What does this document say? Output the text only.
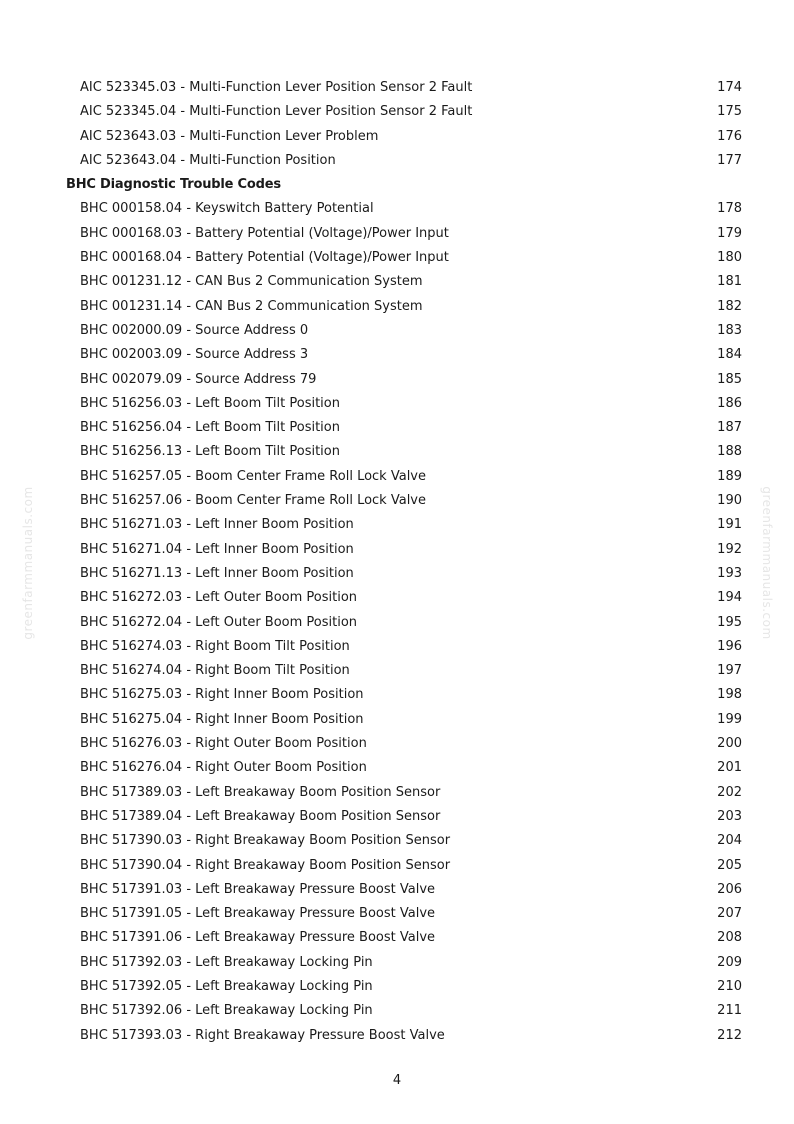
greenfarmmanuals.com	greenfarmmanuals.com
AIC 523345.03 - Multi-Function Lever Position Sensor 2 Fault	174
AIC 523345.04 - Multi-Function Lever Position Sensor 2 Fault	175
AIC 523643.03 - Multi-Function Lever Problem	176
AIC 523643.04 - Multi-Function Position	177
BHC Diagnostic Trouble Codes
BHC 000158.04 - Keyswitch Battery Potential	178
BHC 000168.03 - Battery Potential (Voltage)/Power Input	179
BHC 000168.04 - Battery Potential (Voltage)/Power Input	180
BHC 001231.12 - CAN Bus 2 Communication System	181
BHC 001231.14 - CAN Bus 2 Communication System	182
BHC 002000.09 - Source Address 0	183
BHC 002003.09 - Source Address 3	184
BHC 002079.09 - Source Address 79	185
BHC 516256.03 - Left Boom Tilt Position	186
BHC 516256.04 - Left Boom Tilt Position	187
BHC 516256.13 - Left Boom Tilt Position	188
BHC 516257.05 - Boom Center Frame Roll Lock Valve	189
BHC 516257.06 - Boom Center Frame Roll Lock Valve	190
BHC 516271.03 - Left Inner Boom Position	191
BHC 516271.04 - Left Inner Boom Position	192
BHC 516271.13 - Left Inner Boom Position	193
BHC 516272.03 - Left Outer Boom Position	194
BHC 516272.04 - Left Outer Boom Position	195
BHC 516274.03 - Right Boom Tilt Position	196
BHC 516274.04 - Right Boom Tilt Position	197
BHC 516275.03 - Right Inner Boom Position	198
BHC 516275.04 - Right Inner Boom Position	199
BHC 516276.03 - Right Outer Boom Position	200
BHC 516276.04 - Right Outer Boom Position	201
BHC 517389.03 - Left Breakaway Boom Position Sensor	202
BHC 517389.04 - Left Breakaway Boom Position Sensor	203
BHC 517390.03 - Right Breakaway Boom Position Sensor	204
BHC 517390.04 - Right Breakaway Boom Position Sensor	205
BHC 517391.03 - Left Breakaway Pressure Boost Valve	206
BHC 517391.05 - Left Breakaway Pressure Boost Valve	207
BHC 517391.06 - Left Breakaway Pressure Boost Valve	208
BHC 517392.03 - Left Breakaway Locking Pin	209
BHC 517392.05 - Left Breakaway Locking Pin	210
BHC 517392.06 - Left Breakaway Locking Pin	211
BHC 517393.03 - Right Breakaway Pressure Boost Valve	212
4
